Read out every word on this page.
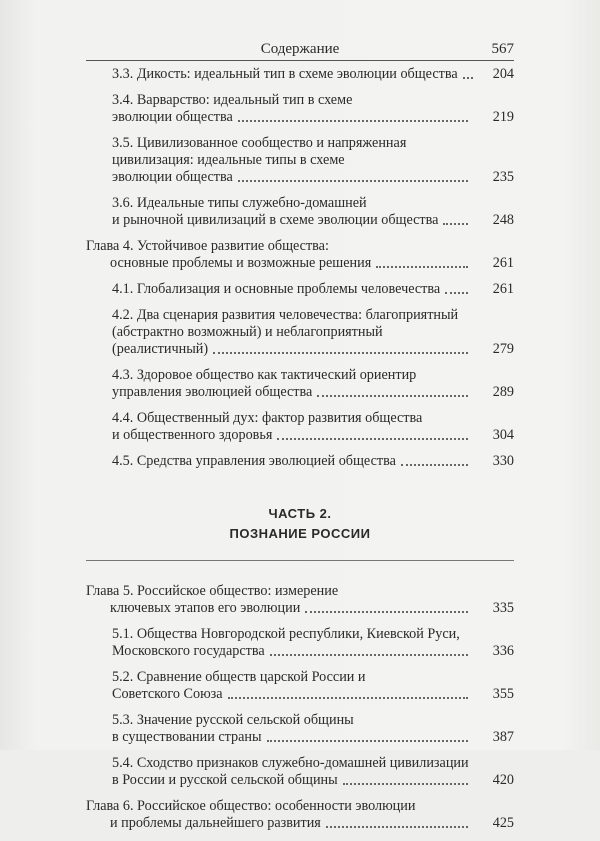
Содержание	567
3.3. Дикость: идеальный тип в схеме эволюции общества	204
3.4. Варварство: идеальный тип в схеме
эволюции общества	219
3.5. Цивилизованное сообщество и напряженная
цивилизация: идеальные типы в схеме
эволюции общества	235
3.6. Идеальные типы служебно-домашней
и рыночной цивилизаций в схеме эволюции общества	248
Глава 4. Устойчивое развитие общества:
основные проблемы и возможные решения	261
4.1. Глобализация и основные проблемы человечества	261
4.2. Два сценария развития человечества: благоприятный
(абстрактно возможный) и неблагоприятный
(реалистичный)	279
4.3. Здоровое общество как тактический ориентир
управления эволюцией общества	289
4.4. Общественный дух: фактор развития общества
и общественного здоровья	304
4.5. Средства управления эволюцией общества	330
ЧАСТЬ 2.
ПОЗНАНИЕ РОССИИ
Глава 5. Российское общество: измерение
ключевых этапов его эволюции	335
5.1. Общества Новгородской республики, Киевской Руси,
Московского государства	336
5.2. Сравнение обществ царской России и
Советского Союза	355
5.3. Значение русской сельской общины
в существовании страны	387
5.4. Сходство признаков служебно-домашней цивилизации
в России и русской сельской общины	420
Глава 6. Российское общество: особенности эволюции
и проблемы дальнейшего развития	425
